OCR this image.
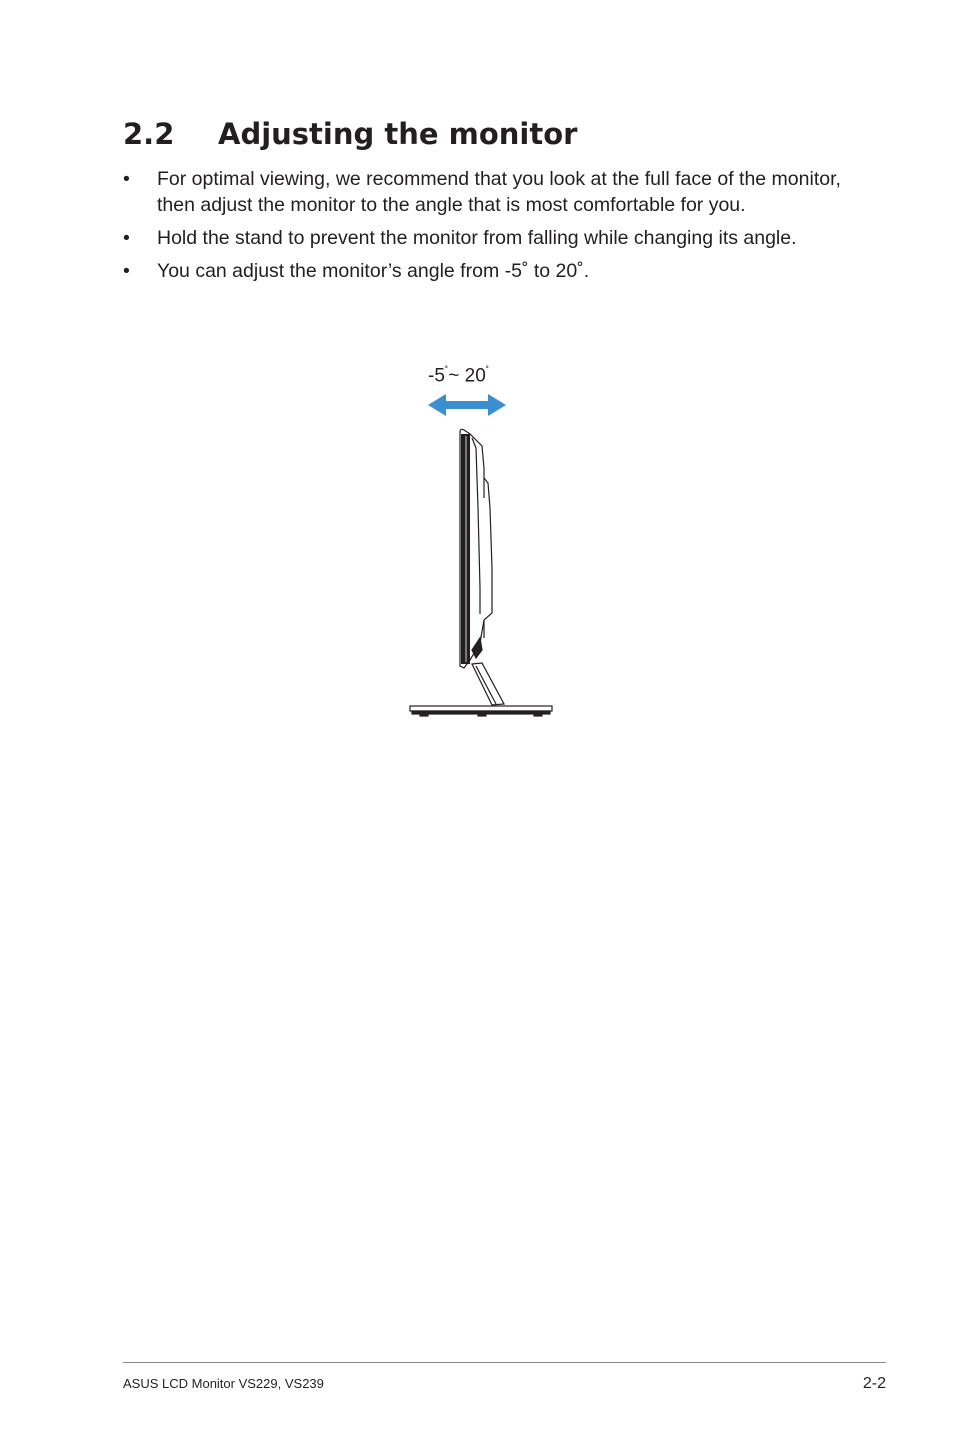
2.2 Adjusting the monitor
• For optimal viewing, we recommend that you look at the full face of the monitor, then adjust the monitor to the angle that is most comfortable for you.
• Hold the stand to prevent the monitor from falling while changing its angle.
• You can adjust the monitor’s angle from -5˚ to 20˚.
-5˚~ 20˚
ASUS LCD Monitor VS229, VS239	2-2
